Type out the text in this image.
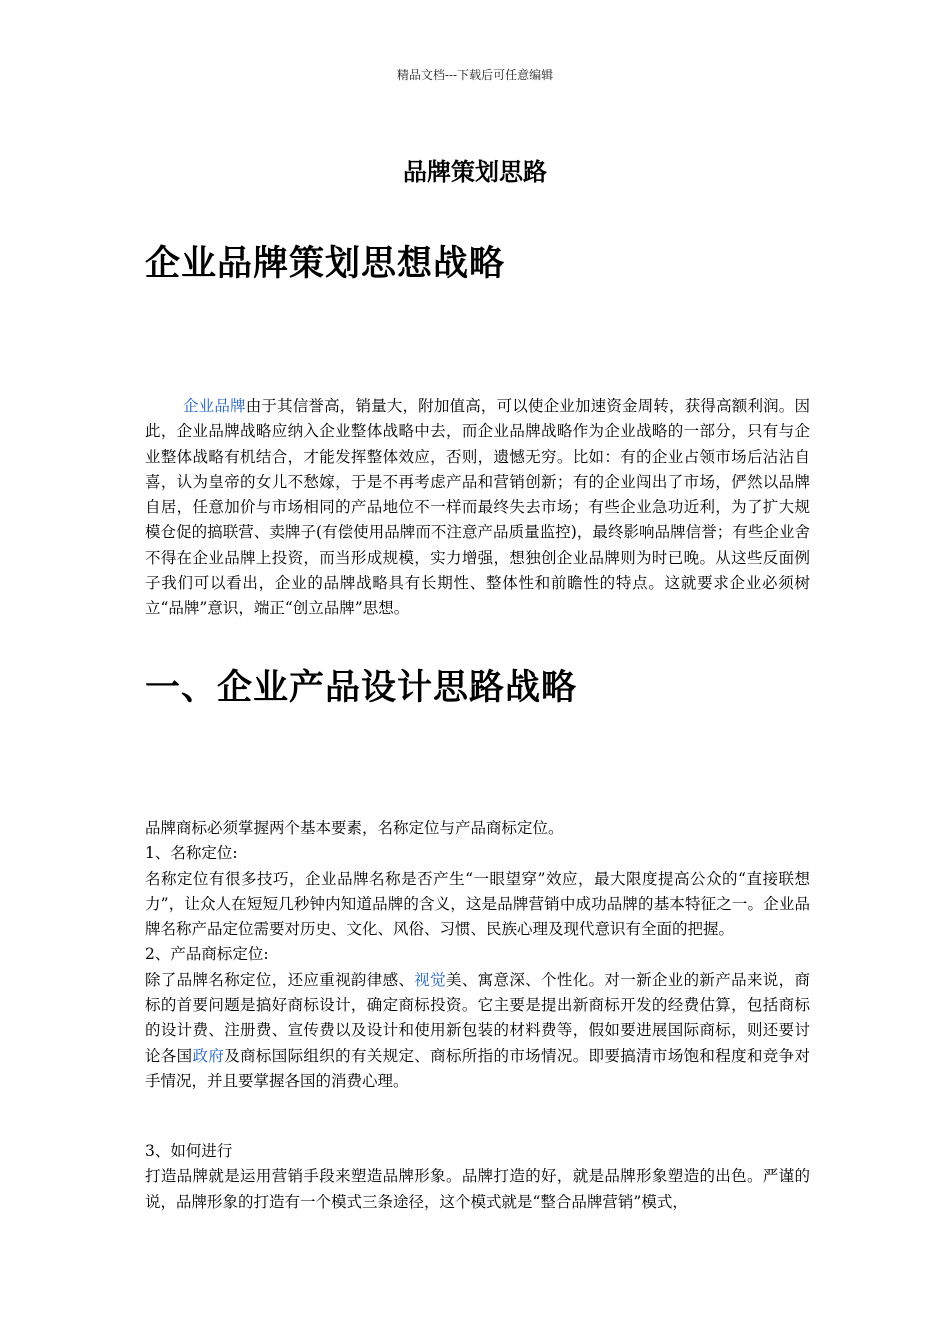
精品文档---下载后可任意编辑
品牌策划思路
企业品牌策划思想战略
企业品牌由于其信誉高，销量大，附加值高，可以使企业加速资金周转，获得高额利润。因此，企业品牌战略应纳入企业整体战略中去，而企业品牌战略作为企业战略的一部分，只有与企业整体战略有机结合，才能发挥整体效应，否则，遗憾无穷。比如：有的企业占领市场后沾沾自喜，认为皇帝的女儿不愁嫁，于是不再考虑产品和营销创新；有的企业闯出了市场，俨然以品牌自居，任意加价与市场相同的产品地位不一样而最终失去市场；有些企业急功近利，为了扩大规模仓促的搞联营、卖牌子(有偿使用品牌而不注意产品质量监控)，最终影响品牌信誉；有些企业舍不得在企业品牌上投资，而当形成规模，实力增强，想独创企业品牌则为时已晚。从这些反面例子我们可以看出，企业的品牌战略具有长期性、整体性和前瞻性的特点。这就要求企业必须树立“品牌”意识，端正“创立品牌”思想。
一、企业产品设计思路战略
品牌商标必须掌握两个基本要素，名称定位与产品商标定位。
1、名称定位:
名称定位有很多技巧，企业品牌名称是否产生“一眼望穿”效应，最大限度提高公众的“直接联想力”，让众人在短短几秒钟内知道品牌的含义，这是品牌营销中成功品牌的基本特征之一。企业品牌名称产品定位需要对历史、文化、风俗、习惯、民族心理及现代意识有全面的把握。
2、产品商标定位:
除了品牌名称定位，还应重视韵律感、视觉美、寓意深、个性化。对一新企业的新产品来说，商标的首要问题是搞好商标设计，确定商标投资。它主要是提出新商标开发的经费估算，包括商标的设计费、注册费、宣传费以及设计和使用新包装的材料费等，假如要进展国际商标，则还要讨论各国政府及商标国际组织的有关规定、商标所指的市场情况。即要搞清市场饱和程度和竞争对手情况，并且要掌握各国的消费心理。
3、如何进行
打造品牌就是运用营销手段来塑造品牌形象。品牌打造的好，就是品牌形象塑造的出色。严谨的说，品牌形象的打造有一个模式三条途径，这个模式就是“整合品牌营销”模式，
